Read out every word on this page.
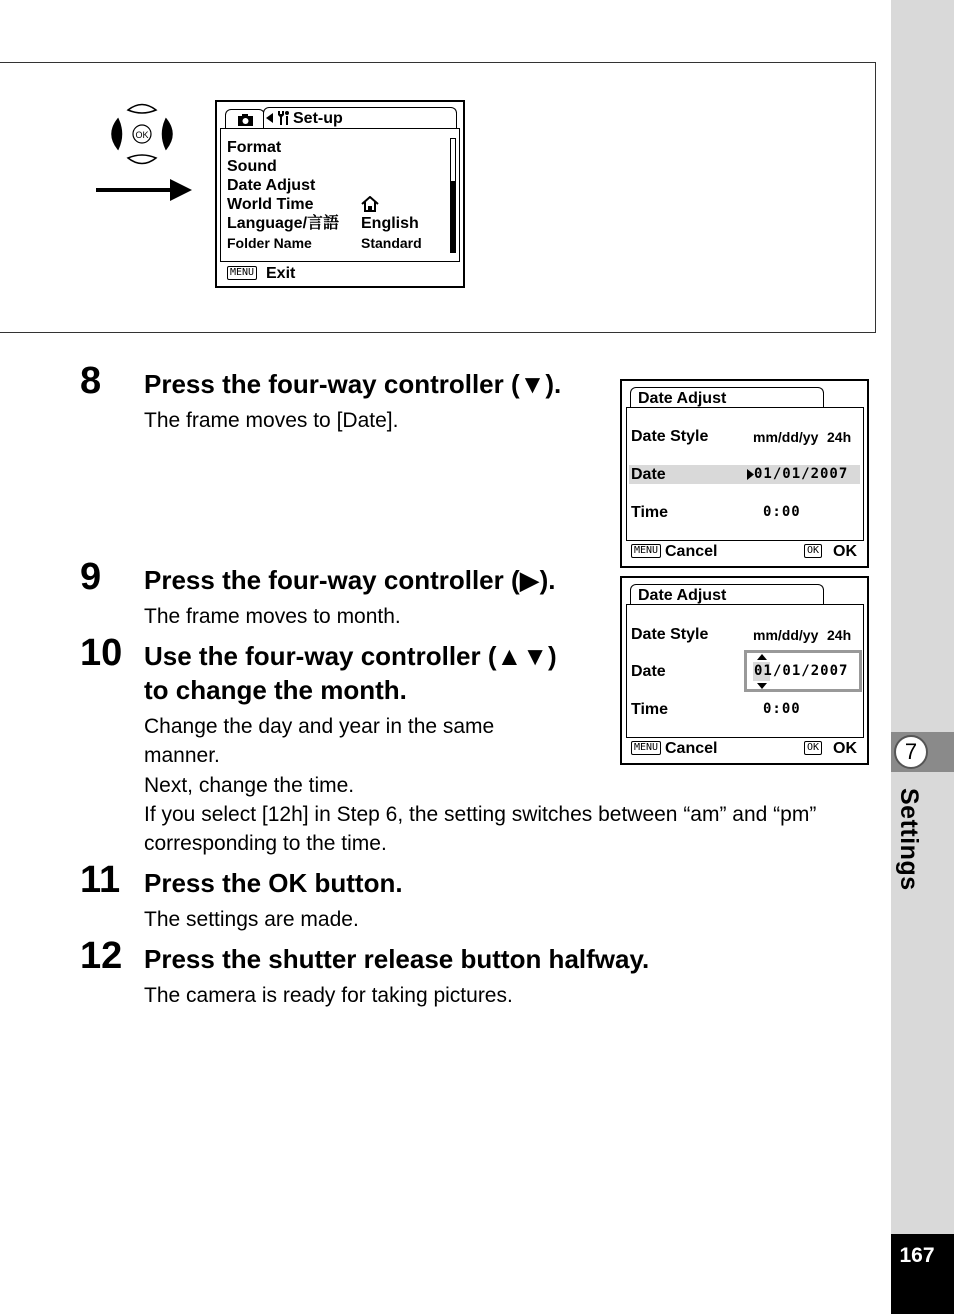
7
Settings
167
OK
Set-up
Format
Sound
Date Adjust
World Time
Language/言語 English
Folder Name	Standard
MENU Exit
8 Press the four-way controller (▼).
The frame moves to [Date].
Date Adjust
Date Style	mm/dd/yy 24h
Date	01/01/2007
Time	0:00
MENU Cancel	OK OK
9 Press the four-way controller (▶).
The frame moves to month.
Date Adjust
Date Style	mm/dd/yy 24h
Date	01 /01/2007
Time	0:00
MENU Cancel	OK OK
10 Use the four-way controller (▲▼)
to change the month.
Change the day and year in the same
manner.
Next, change the time.
If you select [12h] in Step 6, the setting switches between “am” and “pm”
corresponding to the time.
11 Press the OK button.
The settings are made.
12 Press the shutter release button halfway.
The camera is ready for taking pictures.
